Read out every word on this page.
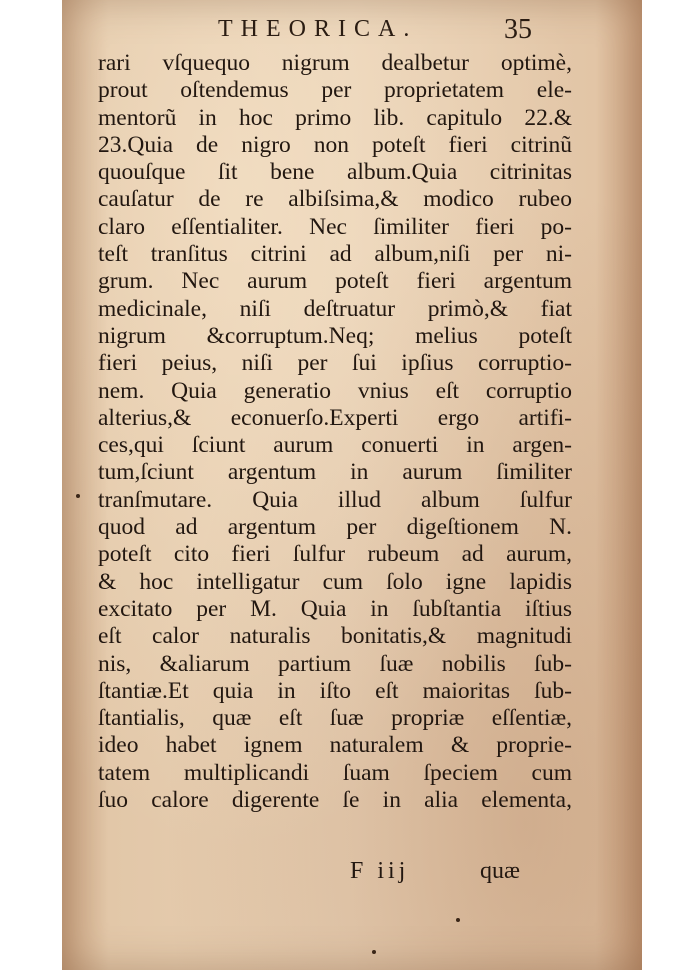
THEORICA.	35
rari vſquequo nigrum dealbetur optimè,
prout oſtendemus per proprietatem ele-
mentorũ in hoc primo lib. capitulo 22.&
23.Quia de nigro non poteſt fieri citrinũ
quouſque ſit bene album.Quia citrinitas
cauſatur de re albiſsima,& modico rubeo
claro eſſentialiter. Nec ſimiliter fieri po-
teſt tranſitus citrini ad album,niſi per ni-
grum. Nec aurum poteſt fieri argentum
medicinale, niſi deſtruatur primò,& fiat
nigrum &corruptum.Neq; melius poteſt
fieri peius, niſi per ſui ipſius corruptio-
nem. Quia generatio vnius eſt corruptio
alterius,& econuerſo.Experti ergo artifi-
ces,qui ſciunt aurum conuerti in argen-
tum,ſciunt argentum in aurum ſimiliter
tranſmutare. Quia illud album ſulfur
quod ad argentum per digeſtionem N.
poteſt cito fieri ſulfur rubeum ad aurum,
& hoc intelligatur cum ſolo igne lapidis
excitato per M. Quia in ſubſtantia iſtius
eſt calor naturalis bonitatis,& magnitudi
nis, &aliarum partium ſuæ nobilis ſub-
ſtantiæ.Et quia in iſto eſt maioritas ſub-
ſtantialis, quæ eſt ſuæ propriæ eſſentiæ,
ideo habet ignem naturalem & proprie-
tatem multiplicandi ſuam ſpeciem cum
ſuo calore digerente ſe in alia elementa,
F iij	quæ
